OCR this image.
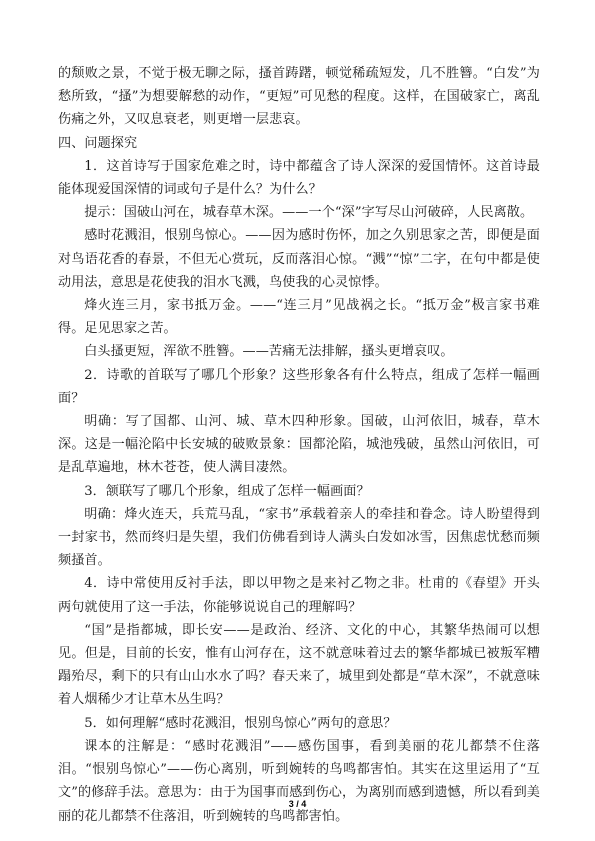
的颓败之景，不觉于极无聊之际，搔首踌躇，顿觉稀疏短发，几不胜簪。“白发”为愁所致，“搔”为想要解愁的动作，“更短”可见愁的程度。这样，在国破家亡，离乱伤痛之外，又叹息衰老，则更增一层悲哀。

四、问题探究

1．这首诗写于国家危难之时，诗中都蕴含了诗人深深的爱国情怀。这首诗最能体现爱国深情的词或句子是什么？为什么？

提示：国破山河在，城春草木深。——一个“深”字写尽山河破碎，人民离散。

感时花溅泪，恨别鸟惊心。——因为感时伤怀，加之久别思家之苦，即便是面对鸟语花香的春景，不但无心赏玩，反而落泪心惊。“溅”“惊”二字，在句中都是使动用法，意思是花使我的泪水飞溅，鸟使我的心灵惊悸。

烽火连三月，家书抵万金。——“连三月”见战祸之长。“抵万金”极言家书难得。足见思家之苦。

白头搔更短，浑欲不胜簪。——苦痛无法排解，搔头更增哀叹。

2．诗歌的首联写了哪几个形象？这些形象各有什么特点，组成了怎样一幅画面？

明确：写了国都、山河、城、草木四种形象。国破，山河依旧，城春，草木深。这是一幅沦陷中长安城的破败景象：国都沦陷，城池残破，虽然山河依旧，可是乱草遍地，林木苍苍，使人满目凄然。

3．颔联写了哪几个形象，组成了怎样一幅画面？

明确：烽火连天，兵荒马乱，“家书”承载着亲人的牵挂和眷念。诗人盼望得到一封家书，然而终归是失望，我们仿佛看到诗人满头白发如冰雪，因焦虑忧愁而频频搔首。

4．诗中常使用反衬手法，即以甲物之是来衬乙物之非。杜甫的《春望》开头两句就使用了这一手法，你能够说说自己的理解吗？

“国”是指都城，即长安——是政治、经济、文化的中心，其繁华热闹可以想见。但是，目前的长安，惟有山河存在，这不就意味着过去的繁华都城已被叛军糟蹋殆尽，剩下的只有山山水水了吗？春天来了，城里到处都是“草木深”，不就意味着人烟稀少才让草木丛生吗？

5．如何理解“感时花溅泪，恨别鸟惊心”两句的意思？

课本的注解是：“感时花溅泪”——感伤国事，看到美丽的花儿都禁不住落泪。“恨别鸟惊心”——伤心离别，听到婉转的鸟鸣都害怕。其实在这里运用了“互文”的修辞手法。意思为：由于为国事而感到伤心，为离别而感到遗憾，所以看到美丽的花儿都禁不住落泪，听到婉转的鸟鸣都害怕。

3 / 4
